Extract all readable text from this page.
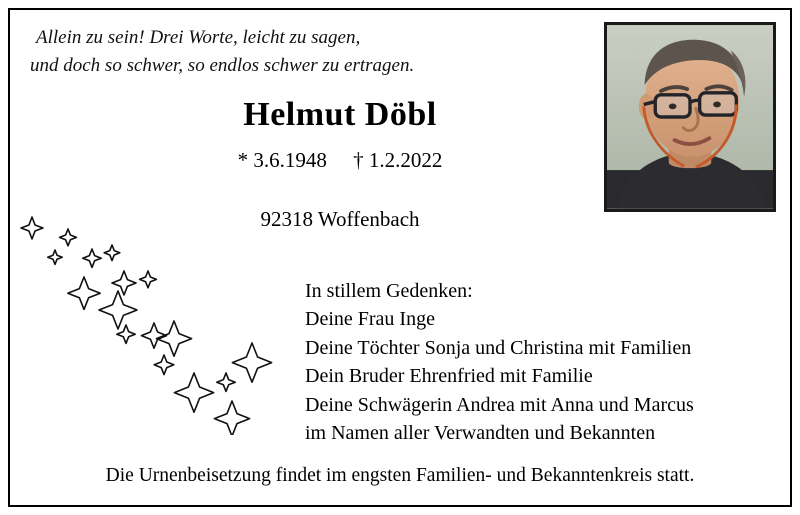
Allein zu sein! Drei Worte, leicht zu sagen,
und doch so schwer, so endlos schwer zu ertragen.
Helmut Döbl
* 3.6.1948     † 1.2.2022
92318 Woffenbach
In stillem Gedenken:
Deine Frau Inge
Deine Töchter Sonja und Christina mit Familien
Dein Bruder Ehrenfried mit Familie
Deine Schwägerin Andrea mit Anna und Marcus
im Namen aller Verwandten und Bekannten
Die Urnenbeisetzung findet im engsten Familien- und Bekanntenkreis statt.
